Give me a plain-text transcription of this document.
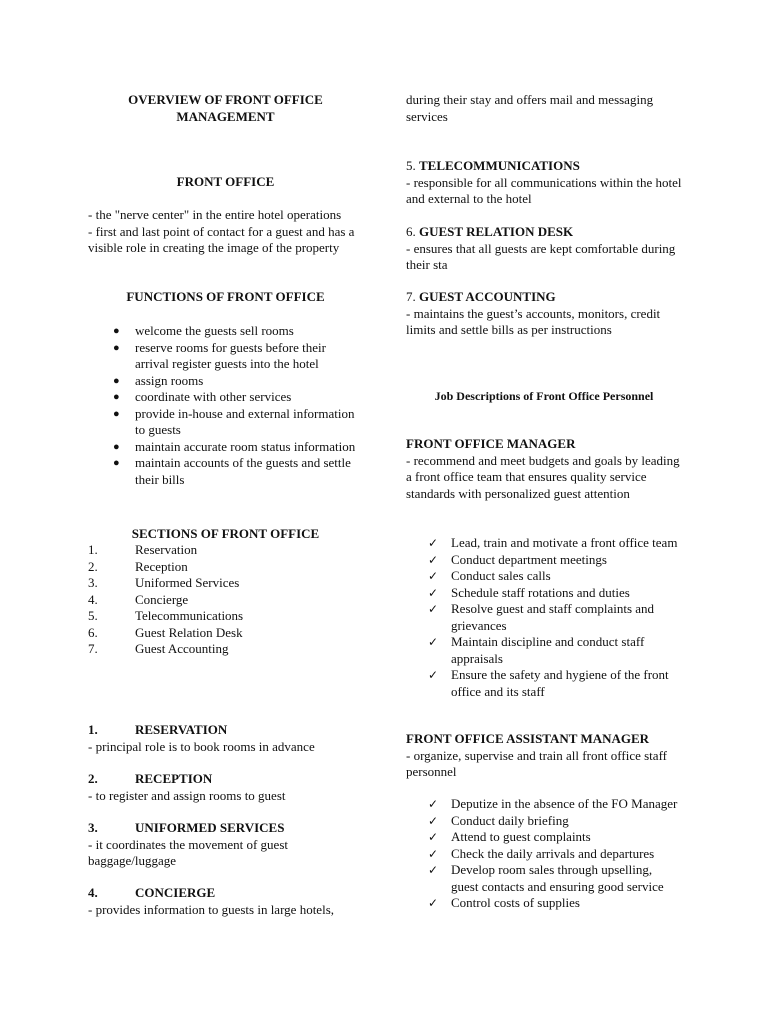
OVERVIEW OF FRONT OFFICE
MANAGEMENT
FRONT OFFICE

- the "nerve center" in the entire hotel operations

- first and last point of contact for a guest and has a visible role in creating the image of the property

FUNCTIONS OF FRONT OFFICE
● welcome the guests sell rooms
● reserve rooms for guests before their arrival register guests into the hotel
● assign rooms
● coordinate with other services
● provide in-house and external information to guests
● maintain accurate room status information
● maintain accounts of the guests and settle their bills
SECTIONS OF FRONT OFFICE
1.	Reservation
2.	Reception
3.	Uniformed Services
4.	Concierge
5.	Telecommunications
6.	Guest Relation Desk
7.	Guest Accounting
1.	RESERVATION

- principal role is to book rooms in advance

2.	RECEPTION

- to register and assign rooms to guest

3.	UNIFORMED SERVICES

- it coordinates the movement of guest baggage/luggage

4.	CONCIERGE

- provides information to guests in large hotels,

during their stay and offers mail and messaging services

5. TELECOMMUNICATIONS

- responsible for all communications within the hotel and external to the hotel

6. GUEST RELATION DESK

- ensures that all guests are kept comfortable during their sta

7. GUEST ACCOUNTING

- maintains the guest’s accounts, monitors, credit limits and settle bills as per instructions

Job Descriptions of Front Office Personnel
FRONT OFFICE MANAGER

- recommend and meet budgets and goals by leading a front office team that ensures quality service standards with personalized guest attention

✓ Lead, train and motivate a front office team
✓ Conduct department meetings
✓ Conduct sales calls
✓ Schedule staff rotations and duties
✓ Resolve guest and staff complaints and grievances
✓ Maintain discipline and conduct staff appraisals
✓ Ensure the safety and hygiene of the front office and its staff
FRONT OFFICE ASSISTANT MANAGER

- organize, supervise and train all front office staff personnel

✓ Deputize in the absence of the FO Manager
✓ Conduct daily briefing
✓ Attend to guest complaints
✓ Check the daily arrivals and departures
✓ Develop room sales through upselling, guest contacts and ensuring good service
✓ Control costs of supplies
